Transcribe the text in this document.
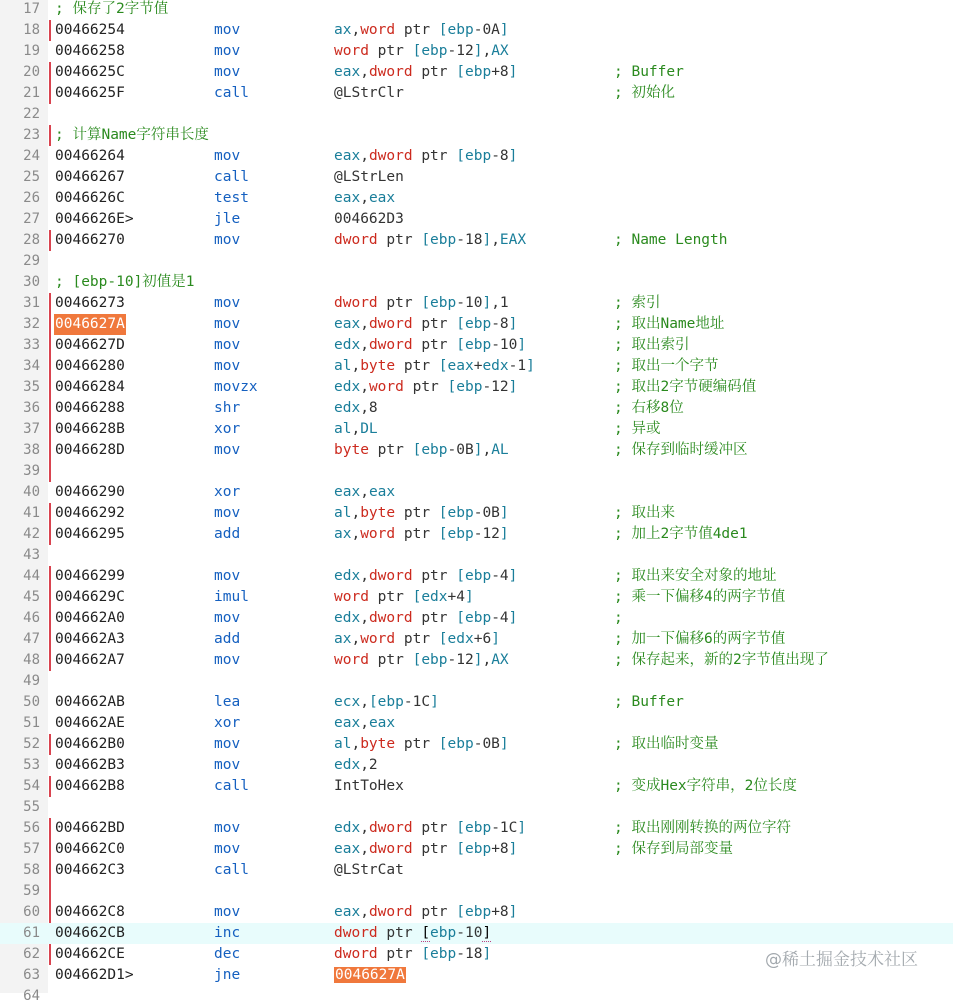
17 ; 保存了2字节值
18 00466254	mov	ax,word ptr [ebp-0A]
19 00466258	mov	word ptr [ebp-12],AX
20 0046625C	mov	eax,dword ptr [ebp+8]	; Buffer
21 0046625F	call	@LStrClr	; 初始化
22
23 ; 计算Name字符串长度
24 00466264	mov	eax,dword ptr [ebp-8]
25 00466267	call	@LStrLen
26 0046626C	test	eax,eax
27 0046626E>	jle	004662D3
28 00466270	mov	dword ptr [ebp-18],EAX	; Name Length
29
30 ; [ebp-10]初值是1
31 00466273	mov	dword ptr [ebp-10],1	; 索引
32 0046627A	mov	eax,dword ptr [ebp-8]	; 取出Name地址
33 0046627D	mov	edx,dword ptr [ebp-10]	; 取出索引
34 00466280	mov	al,byte ptr [eax+edx-1]	; 取出一个字节
35 00466284	movzx	edx,word ptr [ebp-12]	; 取出2字节硬编码值
36 00466288	shr	edx,8	; 右移8位
37 0046628B	xor	al,DL	; 异或
38 0046628D	mov	byte ptr [ebp-0B],AL	; 保存到临时缓冲区
39
40 00466290	xor	eax,eax
41 00466292	mov	al,byte ptr [ebp-0B]	; 取出来
42 00466295	add	ax,word ptr [ebp-12]	; 加上2字节值4de1
43
44 00466299	mov	edx,dword ptr [ebp-4]	; 取出来安全对象的地址
45 0046629C	imul	word ptr [edx+4]	; 乘一下偏移4的两字节值
46 004662A0	mov	edx,dword ptr [ebp-4]	;
47 004662A3	add	ax,word ptr [edx+6]	; 加一下偏移6的两字节值
48 004662A7	mov	word ptr [ebp-12],AX	; 保存起来，新的2字节值出现了
49
50 004662AB	lea	ecx,[ebp-1C]	; Buffer
51 004662AE	xor	eax,eax
52 004662B0	mov	al,byte ptr [ebp-0B]	; 取出临时变量
53 004662B3	mov	edx,2
54 004662B8	call	IntToHex	; 变成Hex字符串，2位长度
55
56 004662BD	mov	edx,dword ptr [ebp-1C]	; 取出刚刚转换的两位字符
57 004662C0	mov	eax,dword ptr [ebp+8]	; 保存到局部变量
58 004662C3	call	@LStrCat
59
60 004662C8	mov	eax,dword ptr [ebp+8]
61 004662CB	inc	dword ptr [ebp-10]
62 004662CE	dec	dword ptr [ebp-18]
63 004662D1>	jne	0046627A
64
@稀土掘金技术社区
